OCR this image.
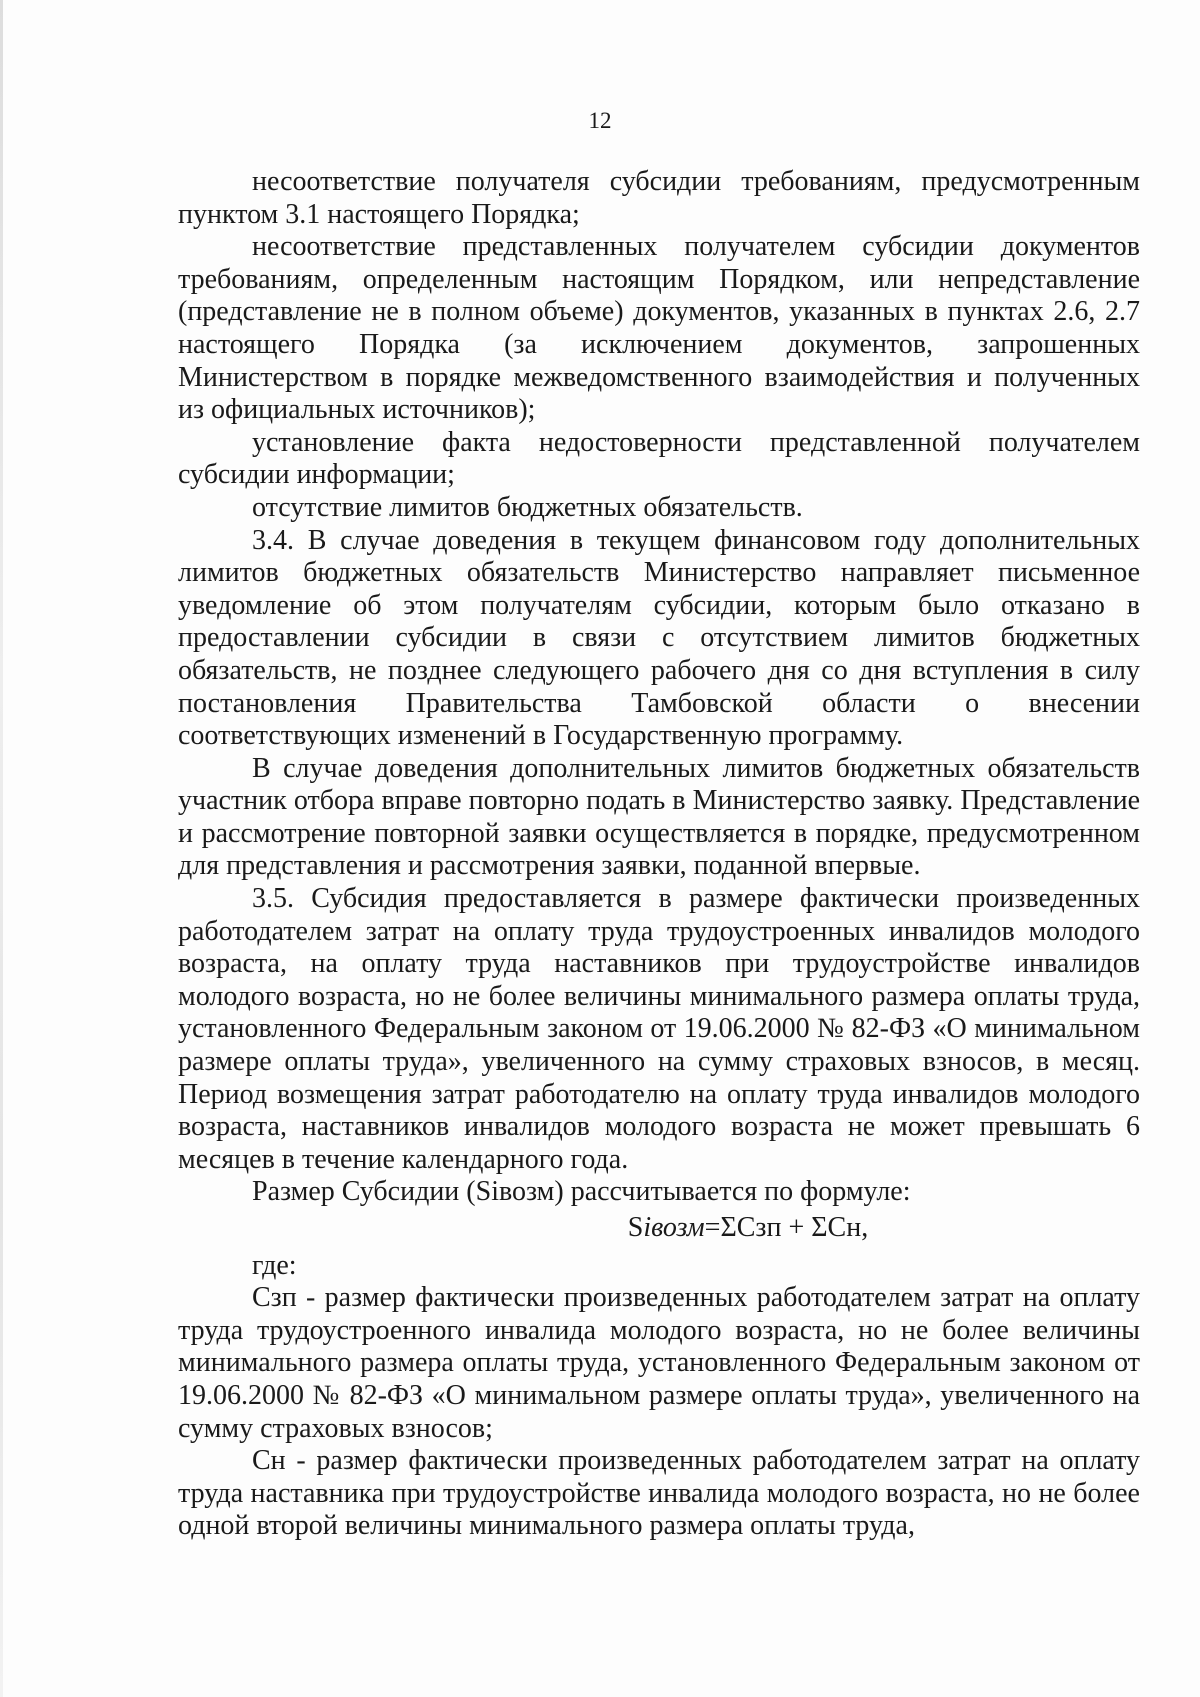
12

несоответствие получателя субсидии требованиям, предусмотренным пунктом 3.1 настоящего Порядка;

несоответствие представленных получателем субсидии документов требованиям, определенным настоящим Порядком, или непредставление (представление не в полном объеме) документов, указанных в пунктах 2.6, 2.7 настоящего Порядка (за исключением документов, запрошенных Министерством в порядке межведомственного взаимодействия и полученных из официальных источников);

установление факта недостоверности представленной получателем субсидии информации;

отсутствие лимитов бюджетных обязательств.

3.4. В случае доведения в текущем финансовом году дополнительных лимитов бюджетных обязательств Министерство направляет письменное уведомление об этом получателям субсидии, которым было отказано в предоставлении субсидии в связи с отсутствием лимитов бюджетных обязательств, не позднее следующего рабочего дня со дня вступления в силу постановления Правительства Тамбовской области о внесении соответствующих изменений в Государственную программу.

В случае доведения дополнительных лимитов бюджетных обязательств участник отбора вправе повторно подать в Министерство заявку. Представление и рассмотрение повторной заявки осуществляется в порядке, предусмотренном для представления и рассмотрения заявки, поданной впервые.

3.5. Субсидия предоставляется в размере фактически произведенных работодателем затрат на оплату труда трудоустроенных инвалидов молодого возраста, на оплату труда наставников при трудоустройстве инвалидов молодого возраста, но не более величины минимального размера оплаты труда, установленного Федеральным законом от 19.06.2000 № 82-ФЗ «О минимальном размере оплаты труда», увеличенного на сумму страховых взносов, в месяц. Период возмещения затрат работодателю на оплату труда инвалидов молодого возраста, наставников инвалидов молодого возраста не может превышать 6 месяцев в течение календарного года.

Размер Субсидии (Siвозм) рассчитывается по формуле:

Siвозм=ΣCзп + ΣCн,

где:

Cзп - размер фактически произведенных работодателем затрат на оплату труда трудоустроенного инвалида молодого возраста, но не более величины минимального размера оплаты труда, установленного Федеральным законом от 19.06.2000 № 82-ФЗ «О минимальном размере оплаты труда», увеличенного на сумму страховых взносов;

Cн - размер фактически произведенных работодателем затрат на оплату труда наставника при трудоустройстве инвалида молодого возраста, но не более одной второй величины минимального размера оплаты труда,
